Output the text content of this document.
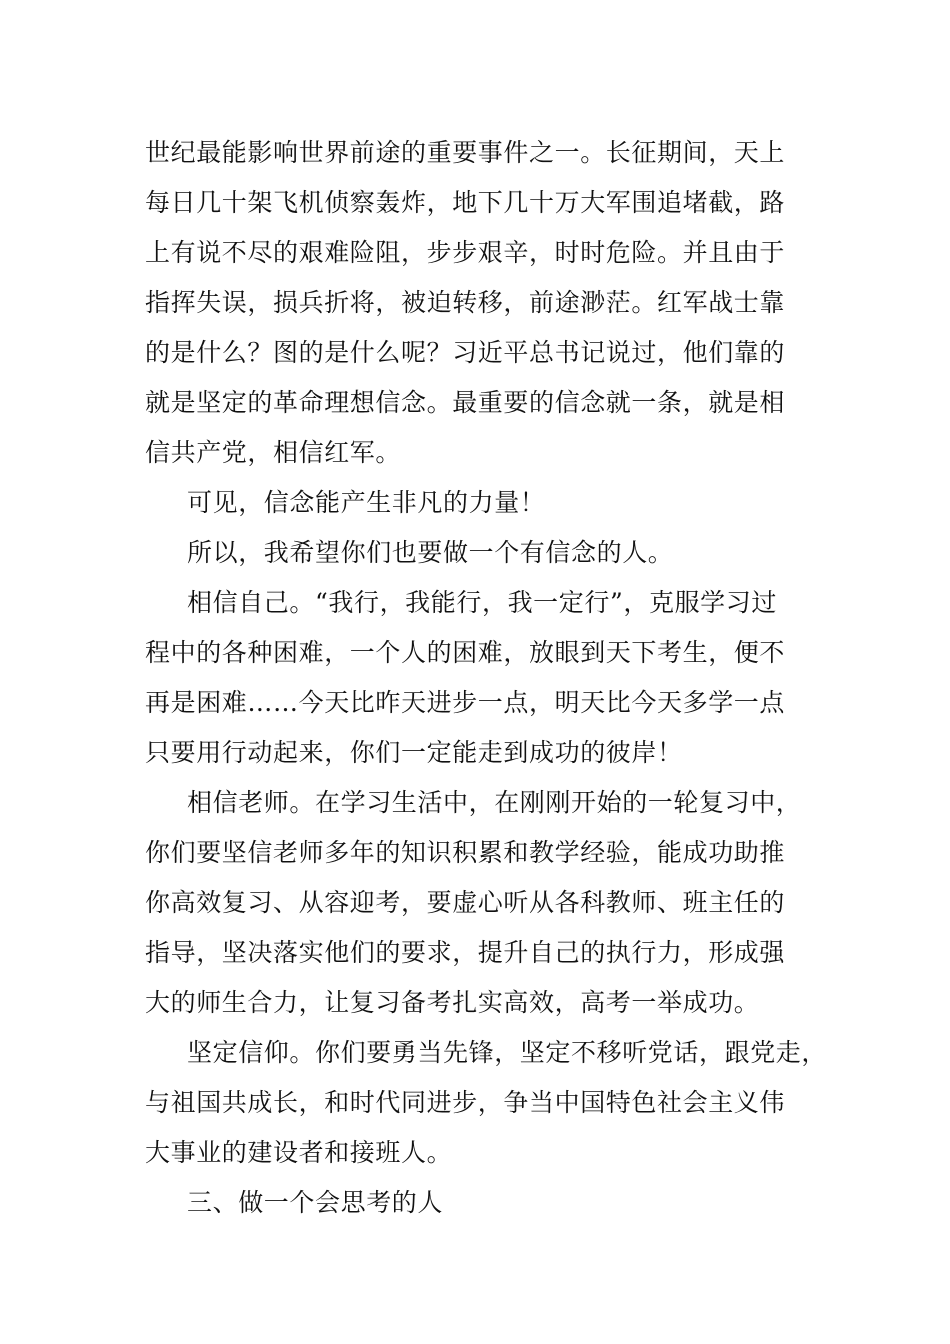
世纪最能影响世界前途的重要事件之一。长征期间，天上
每日几十架飞机侦察轰炸，地下几十万大军围追堵截，路
上有说不尽的艰难险阻，步步艰辛，时时危险。并且由于
指挥失误，损兵折将，被迫转移，前途渺茫。红军战士靠
的是什么？图的是什么呢？习近平总书记说过，他们靠的
就是坚定的革命理想信念。最重要的信念就一条，就是相
信共产党，相信红军。
可见，信念能产生非凡的力量！
所以，我希望你们也要做一个有信念的人。
相信自己。“我行，我能行，我一定行”，克服学习过
程中的各种困难，一个人的困难，放眼到天下考生，便不
再是困难……今天比昨天进步一点，明天比今天多学一点
只要用行动起来，你们一定能走到成功的彼岸！
相信老师。在学习生活中，在刚刚开始的一轮复习中，
你们要坚信老师多年的知识积累和教学经验，能成功助推
你高效复习、从容迎考，要虚心听从各科教师、班主任的
指导，坚决落实他们的要求，提升自己的执行力，形成强
大的师生合力，让复习备考扎实高效，高考一举成功。
坚定信仰。你们要勇当先锋，坚定不移听党话，跟党走，
与祖国共成长，和时代同进步，争当中国特色社会主义伟
大事业的建设者和接班人。
三、做一个会思考的人
